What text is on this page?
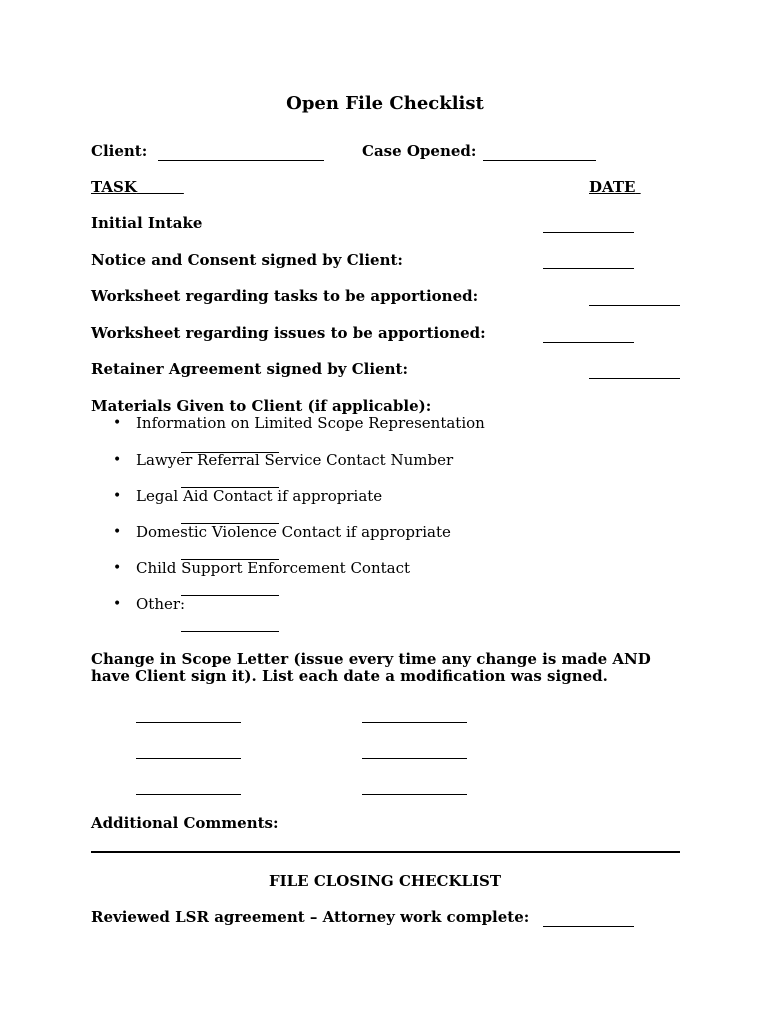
Open File Checklist
Client:	Case Opened:
TASK	DATE
Initial Intake
Notice and Consent signed by Client:
Worksheet regarding tasks to be apportioned:
Worksheet regarding issues to be apportioned:
Retainer Agreement signed by Client:
Materials Given to Client (if applicable):
• Information on Limited Scope Representation
• Lawyer Referral Service Contact Number
• Legal Aid Contact if appropriate
• Domestic Violence Contact if appropriate
• Child Support Enforcement Contact
• Other:
Change in Scope Letter (issue every time any change is made AND have Client sign it). List each date a modification was signed.
Additional Comments:
FILE CLOSING CHECKLIST
Reviewed LSR agreement – Attorney work complete:
